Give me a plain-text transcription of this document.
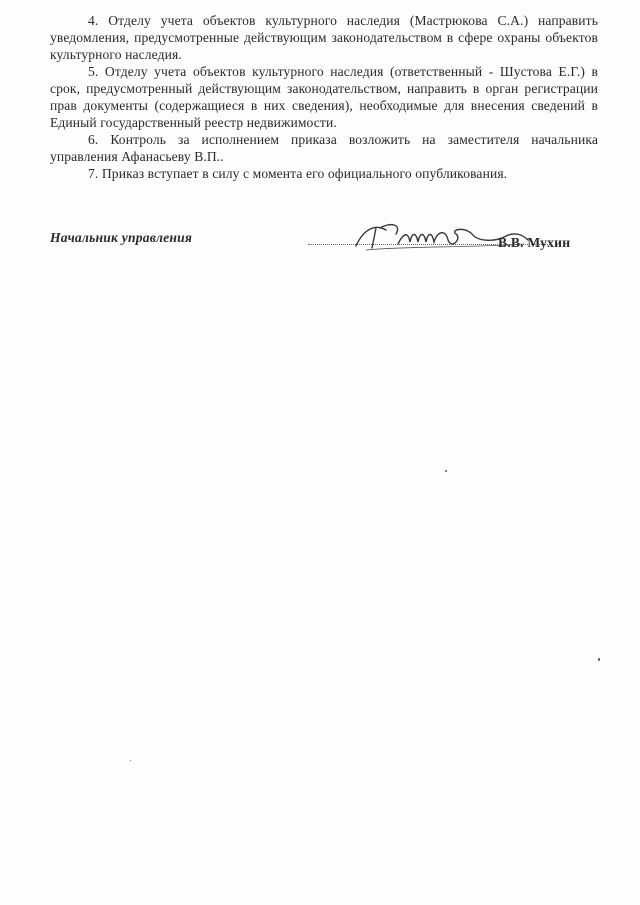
4. Отделу учета объектов культурного наследия (Мастрюкова С.А.) направить уведомления, предусмотренные действующим законодательством в сфере охраны объектов культурного наследия.

5. Отделу учета объектов культурного наследия (ответственный - Шустова Е.Г.) в срок, предусмотренный действующим законодательством, направить в орган регистрации прав документы (содержащиеся в них сведения), необходимые для внесения сведений в Единый государственный реестр недвижимости.

6. Контроль за исполнением приказа возложить на заместителя начальника управления Афанасьеву В.П..

7. Приказ вступает в силу с момента его официального опубликования.

Начальник управления	В.В. Мухин
